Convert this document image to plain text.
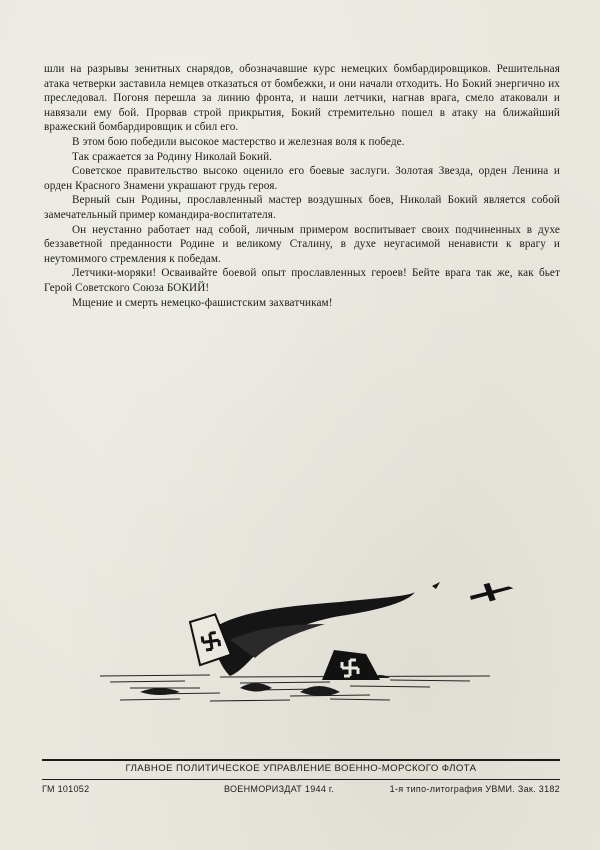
шли на разрывы зенитных снарядов, обозначавшие курс немецких бомбардировщиков. Решительная атака четверки заставила немцев отказаться от бомбежки, и они начали отходить. Но Бокий энергично их преследовал. Погоня перешла за линию фронта, и наши летчики, нагнав врага, смело атаковали и навязали ему бой. Прорвав строй прикрытия, Бокий стремительно пошел в атаку на ближайший вражеский бомбардировщик и сбил его.

В этом бою победили высокое мастерство и железная воля к победе.

Так сражается за Родину Николай Бокий.

Советское правительство высоко оценило его боевые заслуги. Золотая Звезда, орден Ленина и орден Красного Знамени украшают грудь героя.

Верный сын Родины, прославленный мастер воздушных боев, Николай Бокий является собой замечательный пример командира-воспитателя.

Он неустанно работает над собой, личным примером воспитывает своих подчиненных в духе беззаветной преданности Родине и великому Сталину, в духе неугасимой ненависти к врагу и неутомимого стремления к победам.

Летчики-моряки! Осваивайте боевой опыт прославленных героев! Бейте врага так же, как бьет Герой Советского Союза БОКИЙ!

Мщение и смерть немецко-фашистским захватчикам!

ГЛАВНОЕ ПОЛИТИЧЕСКОЕ УПРАВЛЕНИЕ ВОЕННО-МОРСКОГО ФЛОТА
ГМ 101052	ВОЕНМОРИЗДАТ 1944 г.	1-я типо-литография УВМИ. Зак. 3182
